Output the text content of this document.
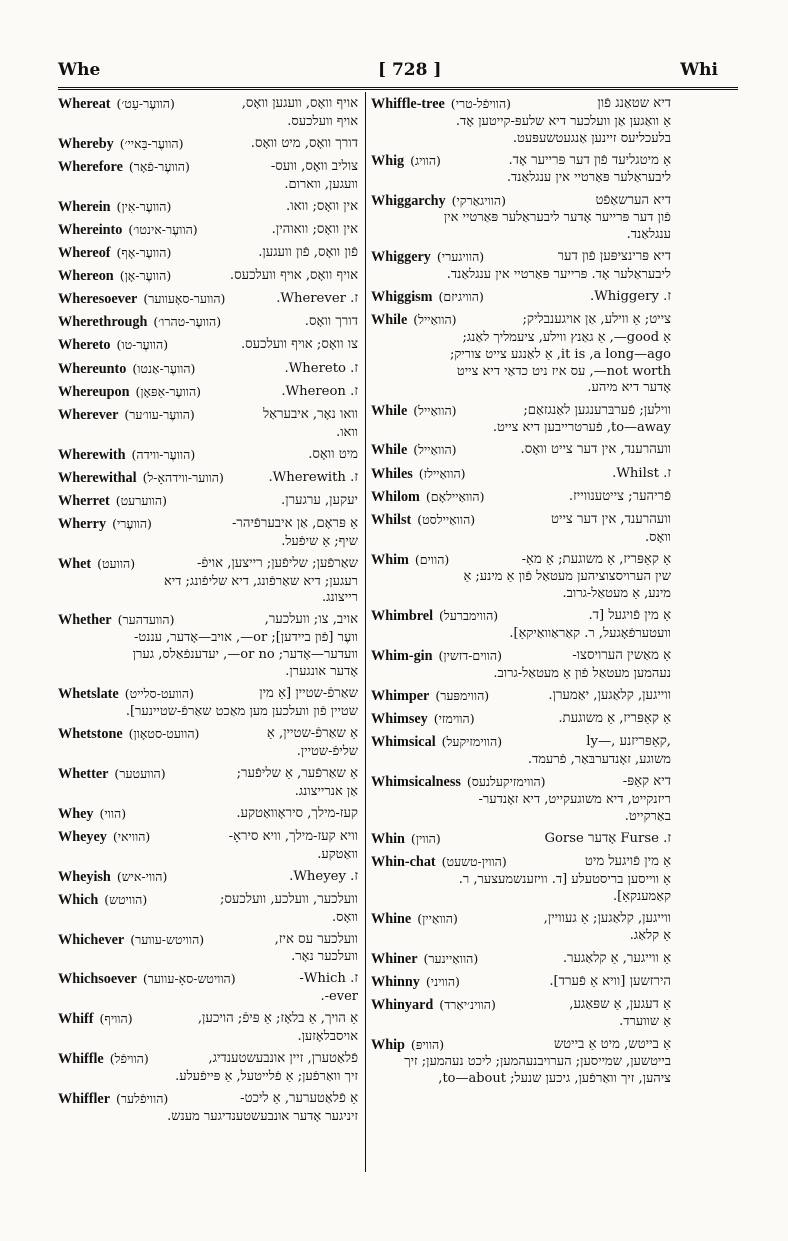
Whe	[ 728 ]	Whi
אויף וואָס, וועגען וואָס,
Whereat (הוועֶר-עַט׳)
אויף וועלכעס.
דורך וואָס, מיט וואָס.
Whereby (הוועֶר-בַּאיי׳)
צוליב וואָס, וועס-
Wherefore (הוועֶר-פֿאָר)
וועגען, ווארום.
אין וואָס; וואו.
Wherein (הוועֶר-אִין)
אין וואָס; וואוהין.
Whereinto (הוועֶר-אינטו׳)
פֿון וואָס, פֿון וועגען.
Whereof (הוועֶר-אָף)
אויף וואָס, אויף וועלכעס.
Whereon (הוועֶר-אָן)
ז. Wherever.
Wheresoever (הווער-סאָעווער)
דורך וואָס.
Wherethrough (הוועֶר-טהרו׳)
צו וואָס; אויף וועלכעס.
Whereto (הוועֶר-טו)
ז. Whereto.
Whereunto (הוועֶר-אַנטו)
ז. Whereon.
Whereupon (הוועֶר-אַפּאָן)
וואו נאָר, איבעראַל
Wherever (הוועֶר-עוו׳ער)
וואו.
מיט וואָס.
Wherewith (הוועֶר-ווידה)
ז. Wherewith.
Wherewithal (הווער-ווידהאָ-ל)
יעקען, ערגערן.
Wherret (הווערעט)
אַ פּראָם, אַן איבערפֿיהר-
Wherry (הוועֶרי)
שיף; אַ שיפֿעל.
שאַרפֿען; שליפֿען; רייצען, אויפֿ-
Whet (הוועט)
רעגען; דיא שאַרפֿונג, דיא שליפֿונג; דיא
רייצונג.
אויב, צו; וועלכער,
Whether (הוועדהער)
וועֶר [פֿון ביידען]; or—, אויב—אָדער, עננט-
וועדער—אָדער; or no—, יעדענפֿאַלס, גערן
אָדער אונגערן.
שאַרפֿ-שטיין [אַ מין
Whetslate (הוועט-סלייט)
שטיין פֿון וועלכען מען מאַכט שאַרפֿ-שטיינער].
אַ שאַרפֿ-שטיין, אַ
Whetstone (הוועט-סטאָון)
שליפֿ-שטיין.
אַ שאַרפֿער, אַ שליפֿער;
Whetter (הוועטער)
אַן אנרייצונג.
קעז-מילך, סיראָוואַטקע.
Whey (הווי)
וויא קעז-מילך, וויא סיראָ-
Wheyey (הוויאי)
וואַטקע.
ז. Wheyey.
Wheyish (הווי-איש)
וועלכער, וועלכע, וועלכעס;
Which (הוויטש)
וואָס.
וועלכער עס איז,
Whichever (הוויטש-עווער)
וועלכער נאָר.
ז. Which-
Whichsoever (הוויטש-סאָ-עווער)
ever-.
אַ הויך, אַ בלאָז; אַ פּיפֿ; הויכען,
Whiff (הוויף)
אויסבלאָזען.
פֿלאַטערן, זיין אונבעשטענדיג,
Whiffle (הוויפֿל)
זיך וואַרפֿען; אַ פֿלייטעל, אַ פּייפֿעלע.
אַ פֿלאַטערער, אַ ליכט-
Whiffler (הוויפֿלער)
זיניגער אָדער אונבעשטענדיגער מענש.
דיא שטאַנג פֿון
Whiffle-tree (הוויפֿל-טרי)
אַ וואַגען אַן וועלכער דיא שלעפּ-קייטען אָד.
בלעכליעס זיינען אַנגעטשעפּעט.
אַ מיטגליעד פֿון דער פּרייער אָד.
Whig (הוויג)
ליבעראַלער פּאַרטיי אין ענגלאַנד.
דיא הערשאַפֿט
Whiggarchy (הוויגאַרקי)
פֿון דער פּרייער אָדער ליבעראַלער פּאַרטיי אין
ענגלאַנד.
דיא פּרינציפּען פֿון דער
Whiggery (הוויגערי)
ליבעראַלער אָד. פּרייער פּאַרטיי אין ענגלאַנד.
ז. Whiggery.
Whiggism (הוויגיזם)
צייט; אַ ווילע, אַן אויגענבליק;
While (הוואַייל)
אַ good—, אַ גאַנץ ווילע, ציעמליך לאַנג;
it is ,a long—ago, אַ לאַנגע צייט צוריק;
not worth—, עס איז ניט כדאַי דיא צייט
אָדער דיא מיהע.
ווילען; פֿערבּרענגען לאַנגזאַם;
While (הוואַייל)
to—away, פֿערטרייבען דיא צייט.
וועהרענד, אין דער צייט וואָס.
While (הוואַייל)
ז. Whilst.
Whiles (הוואַיילז)
פֿריהער; צייטענווייז.
Whilom (הוואַיילאָם)
וועהרענד, אין דער צייט
Whilst (הוואַיילסט)
וואָס.
אַ קאַפּריז, אַ משוגעת; אַ מאַ-
Whim (הווים)
שין הערויסצוציהען מעטאַל פֿון אַ מינע; אַ
מינע, אַ מעטאַל-גרוב.
אַ מין פֿויגעל [ד.
Whimbrel (הווימברעל)
וועטערפֿאָגעל, ר. קאַראַוואַיקאַ].
אַ מאַשין הערויסצו-
Whim-gin (הווים-דזשין)
נעהמען מעטאַל פֿון אַ מעטאַל-גרוב.
ווייגען, קלאַגען, יאַמערן.
Whimper (הווימפּער)
אַ קאַפּריז, אַ משוגעת.
Whimsey (הווימזי)
ly—, קאַפּריזנע,
Whimsical (הווימזיקעל)
משוגע, זאָנדערבּאַר, פֿרעמד.
דיא קאַפּ-
Whimsicalness (הווימזיקעלנעס)
ריזנקייט, דיא משוגעקייט, דיא זאָנדער-
באַרקייט.
Gorse אָדער Furse .ז
Whin (הווין)
אַ מין פֿויגעל מיט
Whin-chat (הווין-טשעט)
אַ ווייסען בריסטעלע [ד. וויזענשמעצער, ר.
קאַמענקאַ].
ווייגען, קלאַגען; אַ געוויין,
Whine (הוואַיין)
אַ קלאַג.
אַ ווייגער, אַ קלאַגער.
Whiner (הוואַיינער)
הירזשען [וויא אַ פֿערד].
Whinny (הוויני)
אַ דעגען, אַ שפּאַגע,
Whinyard (הווינ׳יאַרד)
אַ שווערד.
אַ בייטש, מיט אַ בייטש
Whip (הוויפּ)
בייטשען, שמייסען; הערויבנעהמען; ליכט נעהמען; זיך
ציהען, זיך וואַרפֿען, גיכען שנעל; to—about,
